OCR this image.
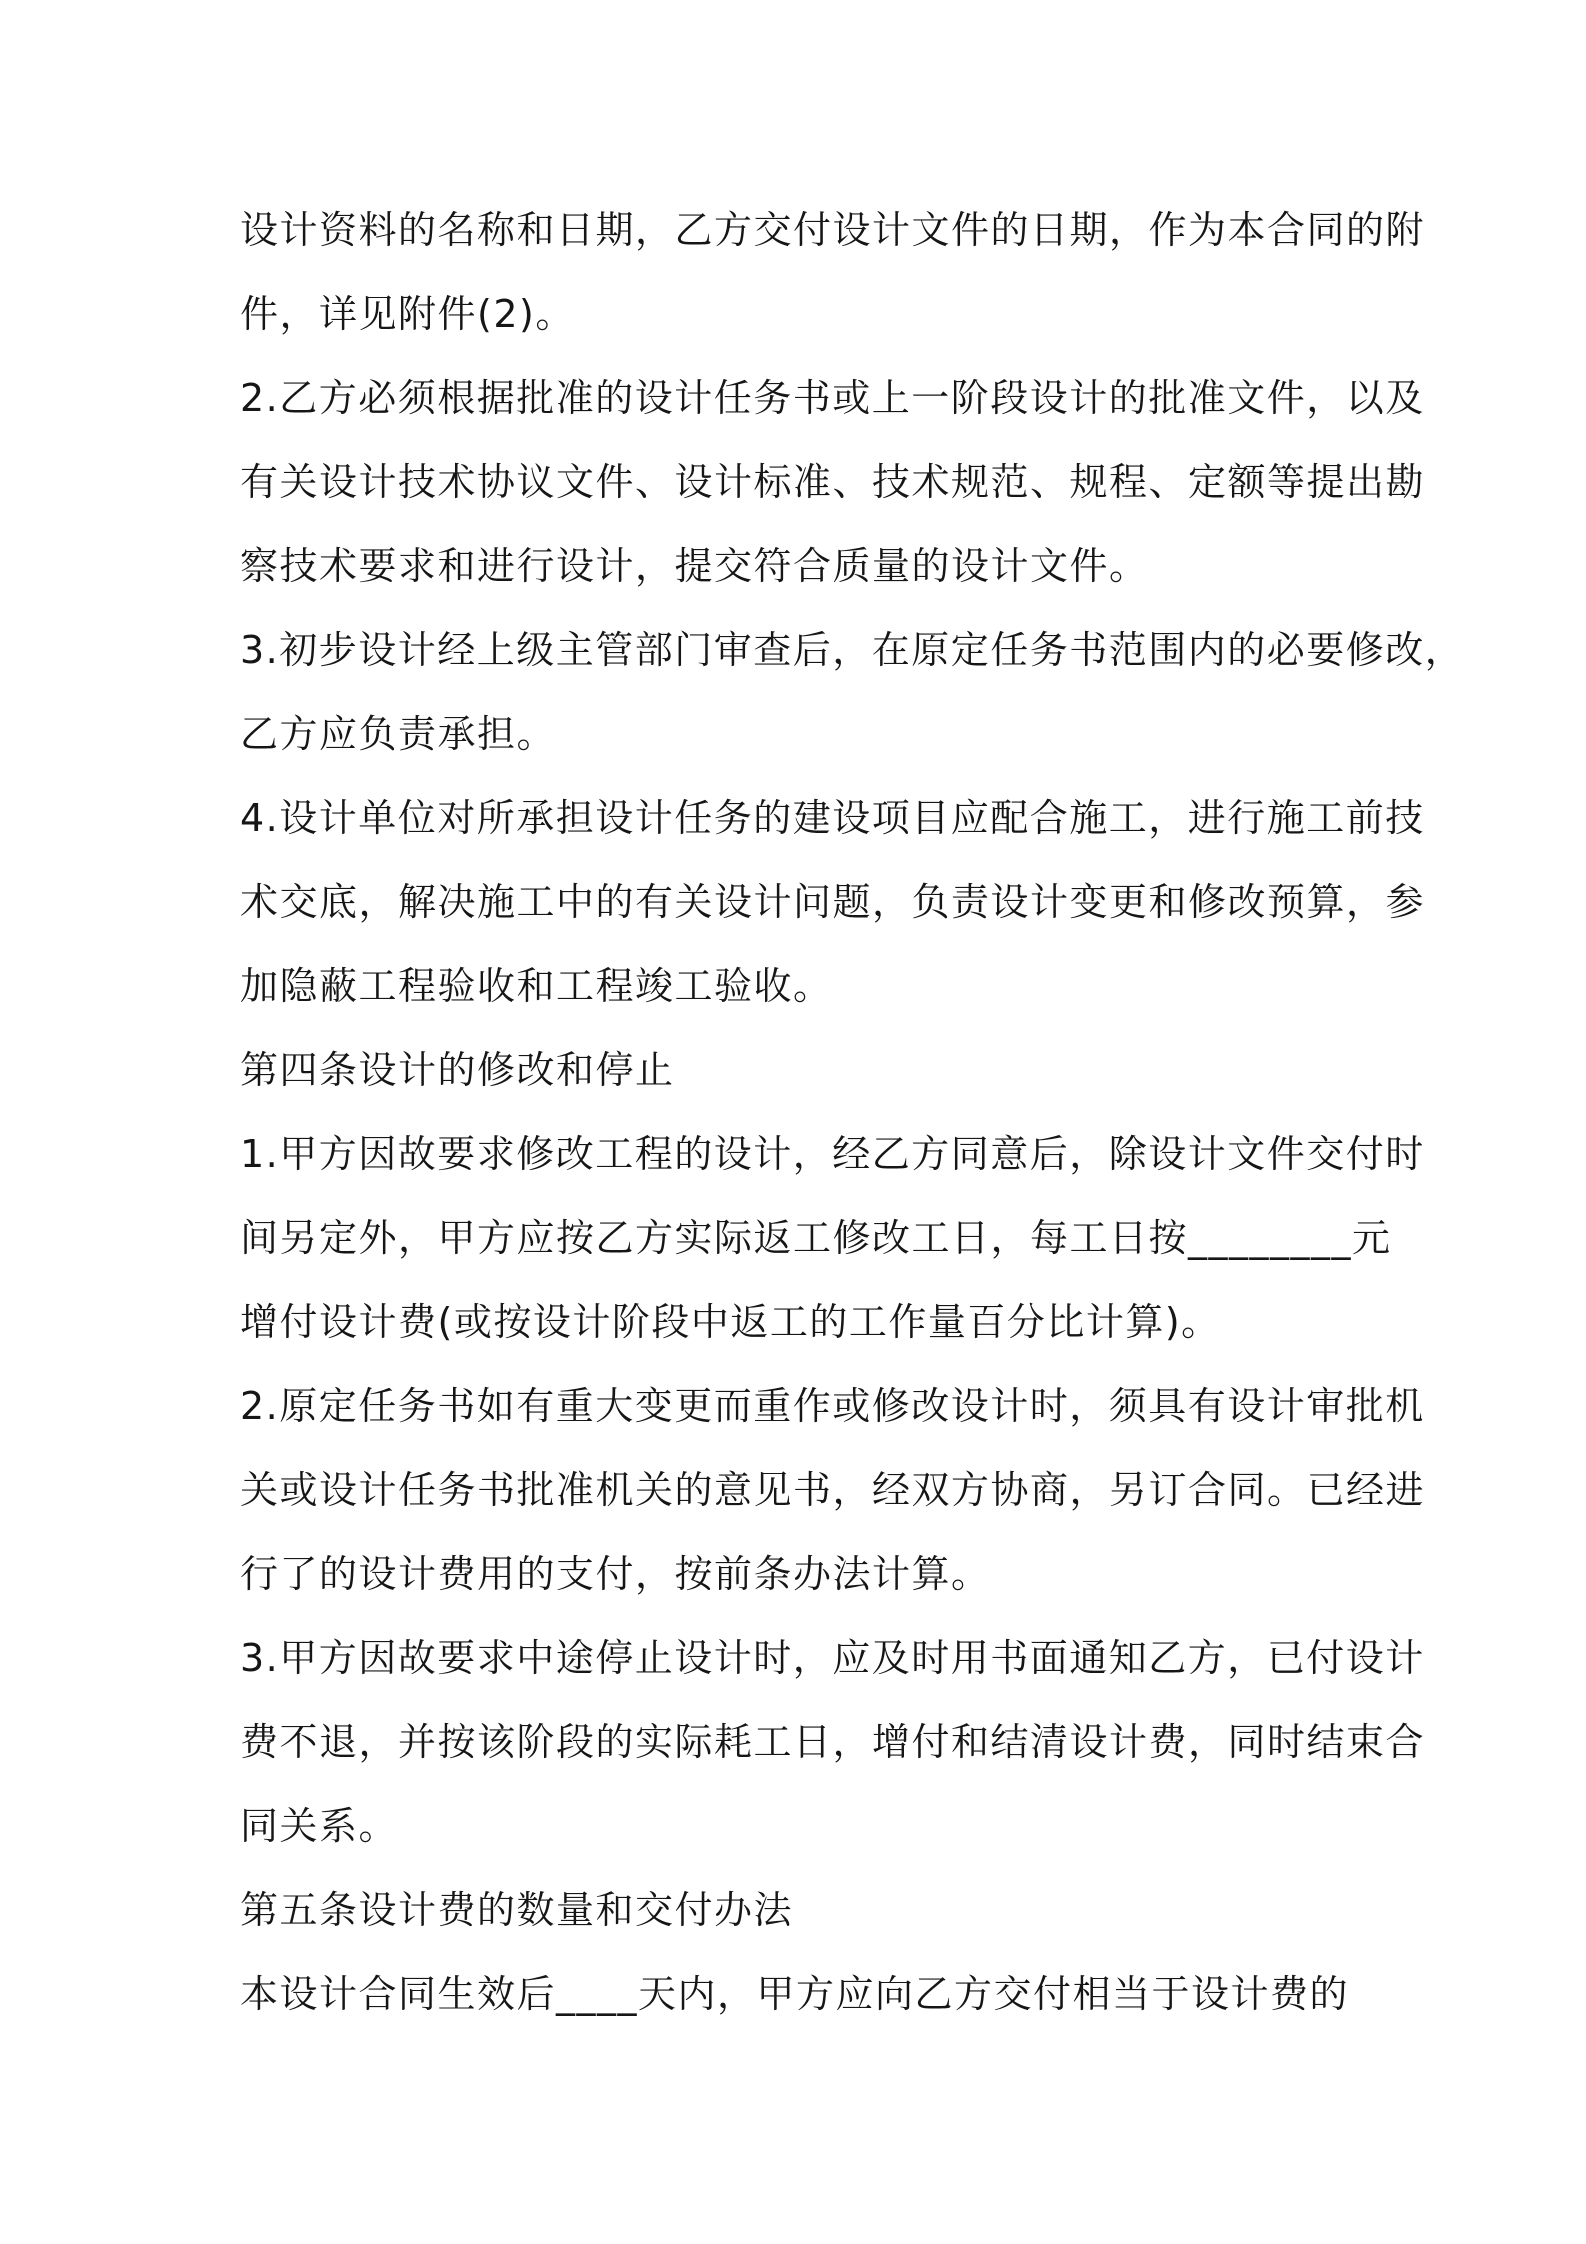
设计资料的名称和日期，乙方交付设计文件的日期，作为本合同的附
件，详见附件(2)。
2.乙方必须根据批准的设计任务书或上一阶段设计的批准文件，以及
有关设计技术协议文件、设计标准、技术规范、规程、定额等提出勘
察技术要求和进行设计，提交符合质量的设计文件。
3.初步设计经上级主管部门审查后，在原定任务书范围内的必要修改，
乙方应负责承担。
4.设计单位对所承担设计任务的建设项目应配合施工，进行施工前技
术交底，解决施工中的有关设计问题，负责设计变更和修改预算，参
加隐蔽工程验收和工程竣工验收。
第四条设计的修改和停止
1.甲方因故要求修改工程的设计，经乙方同意后，除设计文件交付时
间另定外，甲方应按乙方实际返工修改工日，每工日按________元
增付设计费(或按设计阶段中返工的工作量百分比计算)。
2.原定任务书如有重大变更而重作或修改设计时，须具有设计审批机
关或设计任务书批准机关的意见书，经双方协商，另订合同。已经进
行了的设计费用的支付，按前条办法计算。
3.甲方因故要求中途停止设计时，应及时用书面通知乙方，已付设计
费不退，并按该阶段的实际耗工日，增付和结清设计费，同时结束合
同关系。
第五条设计费的数量和交付办法
本设计合同生效后____天内，甲方应向乙方交付相当于设计费的
